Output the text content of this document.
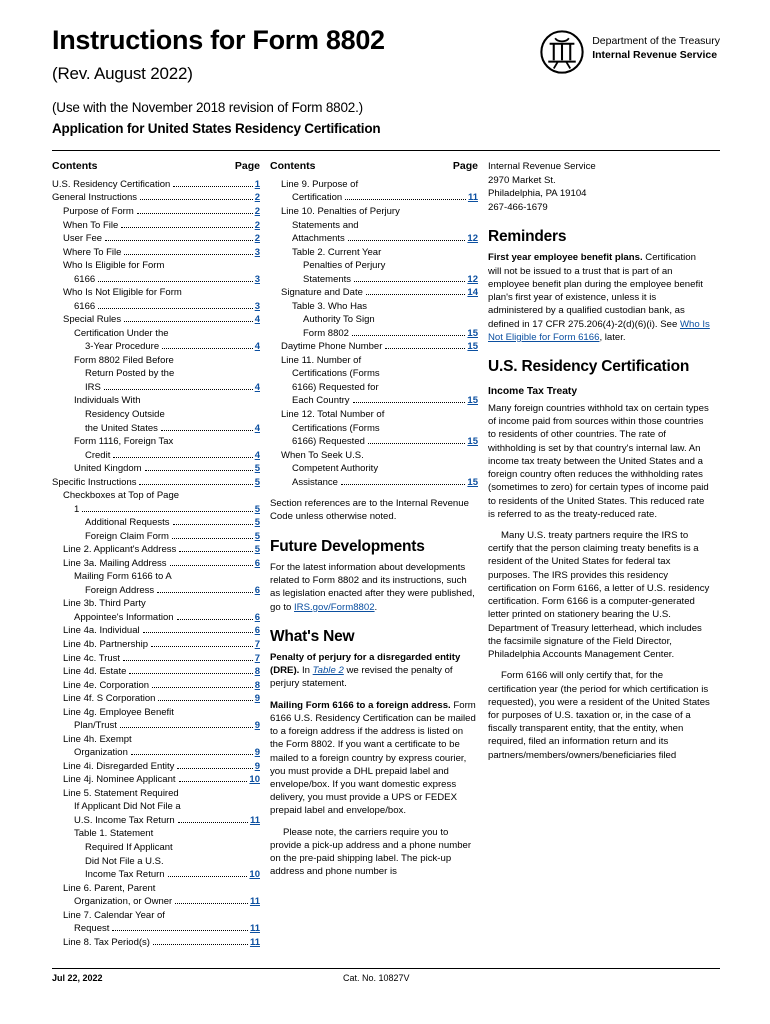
Instructions for Form 8802
(Rev. August 2022)
Department of the Treasury
Internal Revenue Service
(Use with the November 2018 revision of Form 8802.)
Application for United States Residency Certification
Contents	Page
U.S. Residency Certification	1
General Instructions	2
Purpose of Form	2
When To File	2
User Fee	2
Where To File	3
Who Is Eligible for Form
6166	3
Who Is Not Eligible for Form
6166	3
Special Rules	4
Certification Under the
3-Year Procedure	4
Form 8802 Filed Before
Return Posted by the
IRS	4
Individuals With
Residency Outside
the United States	4
Form 1116, Foreign Tax
Credit	4
United Kingdom	5
Specific Instructions	5
Checkboxes at Top of Page
1	5
Additional Requests	5
Foreign Claim Form	5
Line 2. Applicant's Address	5
Line 3a. Mailing Address	6
Mailing Form 6166 to A
Foreign Address	6
Line 3b. Third Party
Appointee's Information	6
Line 4a. Individual	6
Line 4b. Partnership	7
Line 4c. Trust	7
Line 4d. Estate	8
Line 4e. Corporation	8
Line 4f. S Corporation	9
Line 4g. Employee Benefit
Plan/Trust	9
Line 4h. Exempt
Organization	9
Line 4i. Disregarded Entity	9
Line 4j. Nominee Applicant	10
Line 5. Statement Required
If Applicant Did Not File a
U.S. Income Tax Return	11
Table 1. Statement
Required If Applicant
Did Not File a U.S.
Income Tax Return	10
Line 6. Parent, Parent
Organization, or Owner	11
Line 7. Calendar Year of
Request	11
Line 8. Tax Period(s)	11
Contents	Page
Line 9. Purpose of
Certification	11
Line 10. Penalties of Perjury
Statements and
Attachments	12
Table 2. Current Year
Penalties of Perjury
Statements	12
Signature and Date	14
Table 3. Who Has
Authority To Sign
Form 8802	15
Daytime Phone Number	15
Line 11. Number of
Certifications (Forms
6166) Requested for
Each Country	15
Line 12. Total Number of
Certifications (Forms
6166) Requested	15
When To Seek U.S.
Competent Authority
Assistance	15

Section references are to the Internal Revenue Code unless otherwise noted.

Future Developments

For the latest information about developments related to Form 8802 and its instructions, such as legislation enacted after they were published, go to IRS.gov/Form8802.

What's New

Penalty of perjury for a disregarded entity (DRE). In Table 2 we revised the penalty of perjury statement.

Mailing Form 6166 to a foreign address. Form 6166 U.S. Residency Certification can be mailed to a foreign address if the address is listed on the Form 8802. If you want a certificate to be mailed to a foreign country by express courier, you must provide a DHL prepaid label and envelope/box. If you want domestic express delivery, you must provide a UPS or FEDEX prepaid label and envelope/box.

Please note, the carriers require you to provide a pick-up address and a phone number on the pre-paid shipping label. The pick-up address and phone number is

Internal Revenue Service
2970 Market St.
Philadelphia, PA 19104
267-466-1679
Reminders

First year employee benefit plans. Certification will not be issued to a trust that is part of an employee benefit plan during the employee benefit plan's first year of existence, unless it is administered by a qualified custodian bank, as defined in 17 CFR 275.206(4)-2(d)(6)(i). See Who Is Not Eligible for Form 6166, later.

U.S. Residency Certification
Income Tax Treaty

Many foreign countries withhold tax on certain types of income paid from sources within those countries to residents of other countries. The rate of withholding is set by that country's internal law. An income tax treaty between the United States and a foreign country often reduces the withholding rates (sometimes to zero) for certain types of income paid to residents of the United States. This reduced rate is referred to as the treaty-reduced rate.

Many U.S. treaty partners require the IRS to certify that the person claiming treaty benefits is a resident of the United States for federal tax purposes. The IRS provides this residency certification on Form 6166, a letter of U.S. residency certification. Form 6166 is a computer-generated letter printed on stationery bearing the U.S. Department of Treasury letterhead, which includes the facsimile signature of the Field Director, Philadelphia Accounts Management Center.

Form 6166 will only certify that, for the certification year (the period for which certification is requested), you were a resident of the United States for purposes of U.S. taxation or, in the case of a fiscally transparent entity, that the entity, when required, filed an information return and its partners/members/owners/beneficiaries filed

Jul 22, 2022	Cat. No. 10827V
